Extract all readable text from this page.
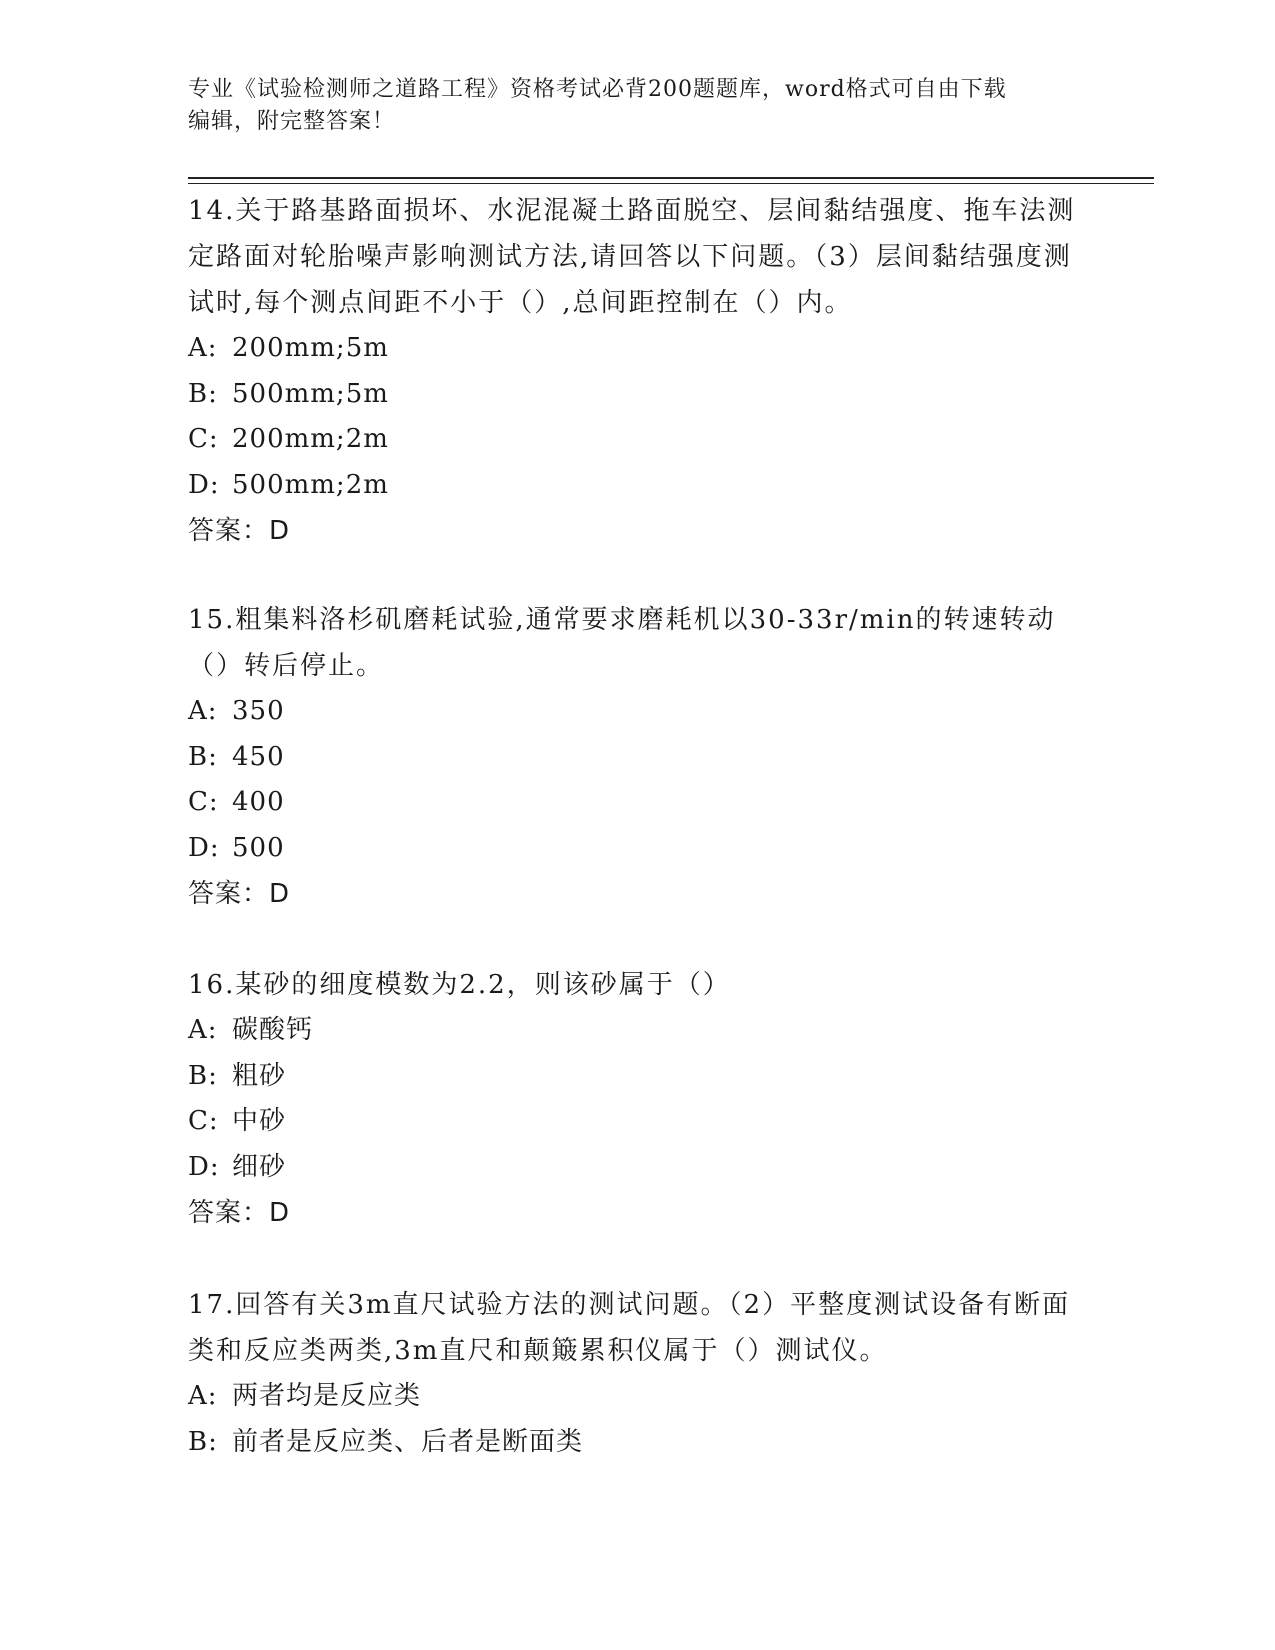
专业《试验检测师之道路工程》资格考试必背200题题库，word格式可自由下载
编辑，附完整答案！

14.关于路基路面损坏、水泥混凝土路面脱空、层间黏结强度、拖车法测定路面对轮胎噪声影响测试方法,请回答以下问题。（3）层间黏结强度测试时,每个测点间距不小于（）,总间距控制在（）内。

A: 200mm;5m

B: 500mm;5m

C: 200mm;2m

D: 500mm;2m

答案：D

15.粗集料洛杉矶磨耗试验,通常要求磨耗机以30-33r/min的转速转动（）转后停止。

A: 350

B: 450

C: 400

D: 500

答案：D

16.某砂的细度模数为2.2，则该砂属于（）

A: 碳酸钙

B: 粗砂

C: 中砂

D: 细砂

答案：D

17.回答有关3m直尺试验方法的测试问题。（2）平整度测试设备有断面类和反应类两类,3m直尺和颠簸累积仪属于（）测试仪。

A: 两者均是反应类

B: 前者是反应类、后者是断面类
